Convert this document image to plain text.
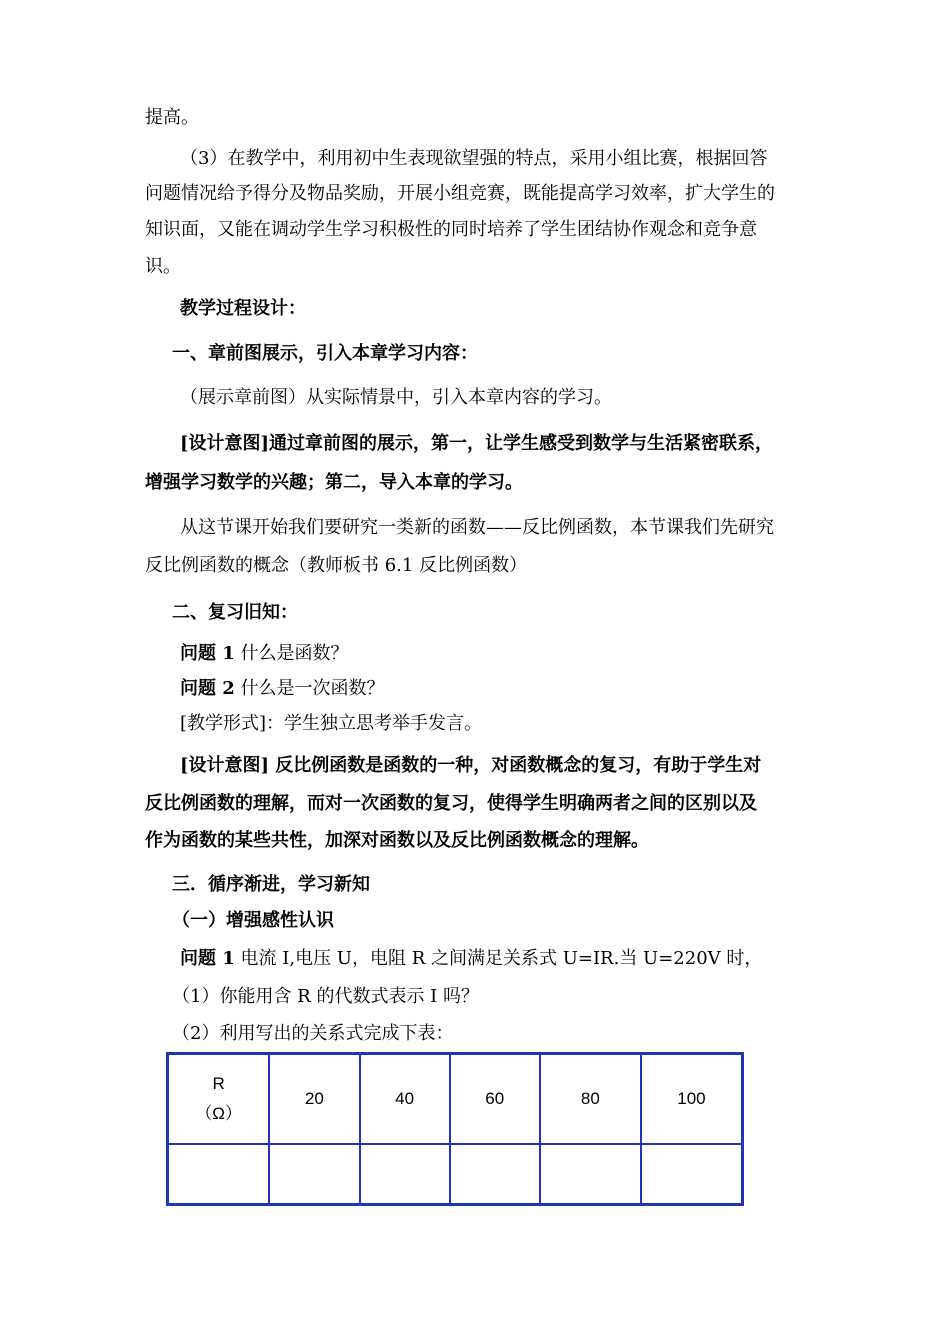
提高。
（3）在教学中，利用初中生表现欲望强的特点，采用小组比赛，根据回答
问题情况给予得分及物品奖励，开展小组竞赛，既能提高学习效率，扩大学生的
知识面，又能在调动学生学习积极性的同时培养了学生团结协作观念和竞争意
识。
教学过程设计：
一、章前图展示，引入本章学习内容：
（展示章前图）从实际情景中，引入本章内容的学习。
[设计意图]通过章前图的展示，第一，让学生感受到数学与生活紧密联系，
增强学习数学的兴趣；第二，导入本章的学习。
从这节课开始我们要研究一类新的函数——反比例函数，本节课我们先研究
反比例函数的概念（教师板书 6.1 反比例函数）
二、复习旧知：
问题 1 什么是函数？
问题 2 什么是一次函数？
[教学形式]：学生独立思考举手发言。
[设计意图] 反比例函数是函数的一种，对函数概念的复习，有助于学生对
反比例函数的理解，而对一次函数的复习，使得学生明确两者之间的区别以及
作为函数的某些共性，加深对函数以及反比例函数概念的理解。
三．循序渐进，学习新知
（一）增强感性认识
问题 1 电流 I,电压 U，电阻 R 之间满足关系式 U=IR.当 U=220V 时，
（1）你能用含 R 的代数式表示 I 吗？
（2）利用写出的关系式完成下表：
R
（Ω）	20	40	60	80	100
